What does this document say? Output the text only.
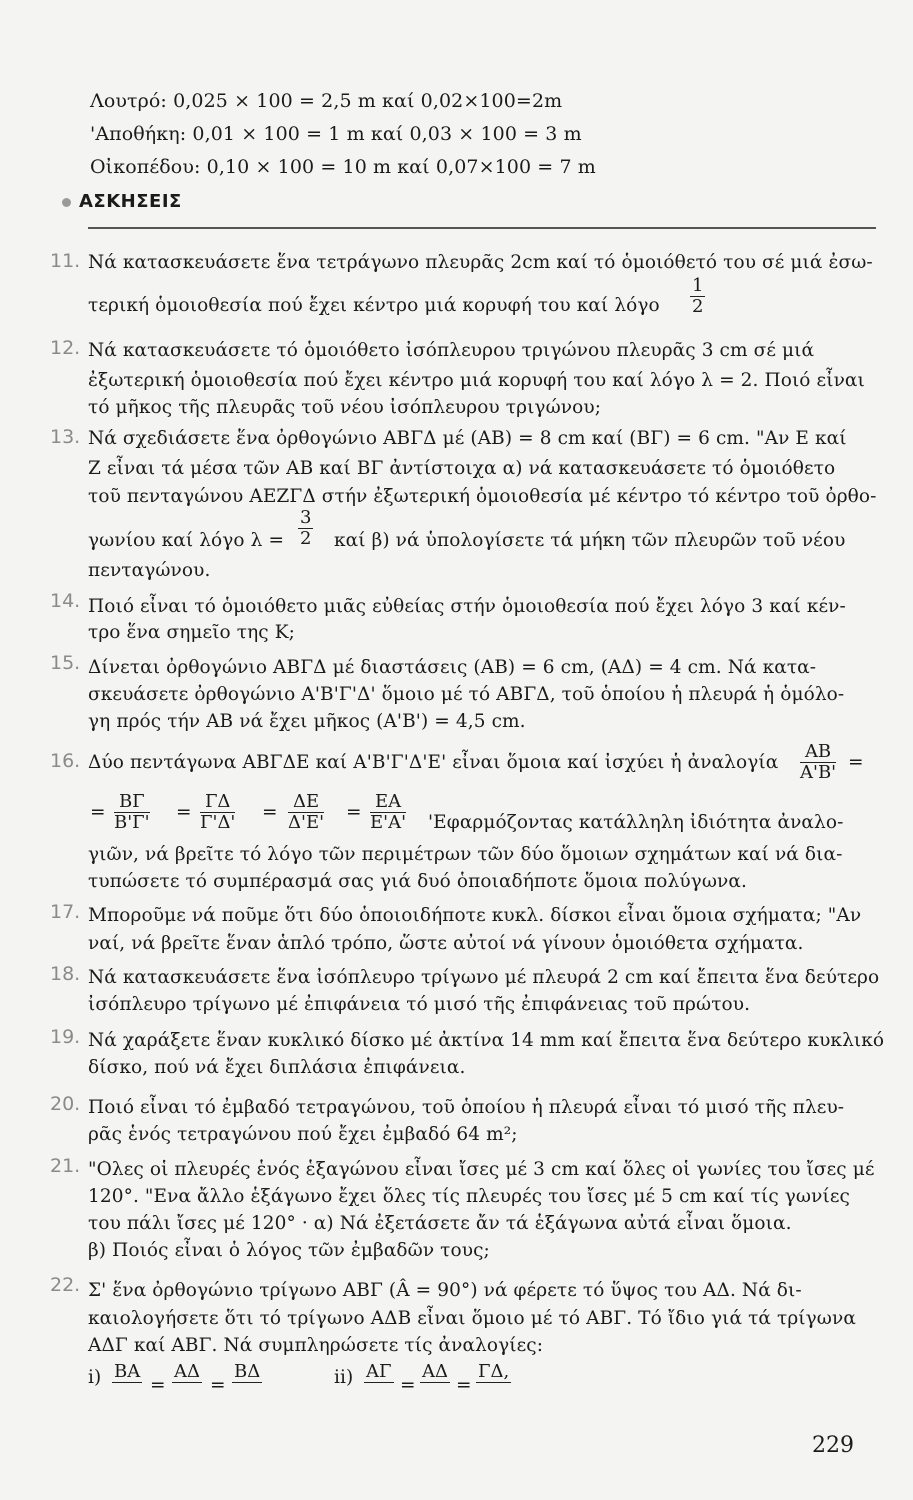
Λουτρό: 0,025 × 100 = 2,5 m καί 0,02×100=2m
'Αποθήκη: 0,01 × 100 = 1 m καί 0,03 × 100 = 3 m
Οἰκοπέδου: 0,10 × 100 = 10 m καί 0,07×100 = 7 m
ΑΣΚΗΣΕΙΣ
11. Νά κατασκευάσετε ἕνα τετράγωνο πλευρᾶς 2cm καί τό ὁμοιόθετό του σέ μιά ἐσω-
τερική ὁμοιοθεσία πού ἔχει κέντρο μιά κορυφή του καί λόγο $\frac{1}{2}$
12. Νά κατασκευάσετε τό ὁμοιόθετο ἰσόπλευρου τριγώνου πλευρᾶς 3 cm σέ μιά
ἐξωτερική ὁμοιοθεσία πού ἔχει κέντρο μιά κορυφή του καί λόγο λ = 2. Ποιό εἶναι
τό μῆκος τῆς πλευρᾶς τοῦ νέου ἰσόπλευρου τριγώνου;
13. Νά σχεδιάσετε ἕνα ὀρθογώνιο ΑΒΓΔ μέ (ΑΒ) = 8 cm καί (ΒΓ) = 6 cm. "Αν Ε καί
Ζ εἶναι τά μέσα τῶν ΑΒ καί ΒΓ ἀντίστοιχα α) νά κατασκευάσετε τό ὁμοιόθετο
τοῦ πενταγώνου ΑΕΖΓΔ στήν ἐξωτερική ὁμοιοθεσία μέ κέντρο τό κέντρο τοῦ ὀρθο-
γωνίου καί λόγο $\lambda = \frac{3}{2}$ καί β) νά ὑπολογίσετε τά μήκη τῶν πλευρῶν τοῦ νέου
πενταγώνου.
14. Ποιό εἶναι τό ὁμοιόθετο μιᾶς εὐθείας στήν ὁμοιοθεσία πού ἔχει λόγο 3 καί κέν-
τρο ἕνα σημεῖο της Κ;
15. Δίνεται ὀρθογώνιο ΑΒΓΔ μέ διαστάσεις (ΑΒ) = 6 cm, (ΑΔ) = 4 cm. Νά κατα-
σκευάσετε ὀρθογώνιο Α'Β'Γ'Δ' ὅμοιο μέ τό ΑΒΓΔ, τοῦ ὁποίου ἡ πλευρά ἡ ὁμόλο-
γη πρός τήν ΑΒ νά ἔχει μῆκος (Α'Β') = 4,5 cm.
16. Δύο πεντάγωνα ΑΒΓΔΕ καί Α'Β'Γ'Δ'Ε' εἶναι ὅμοια καί ἰσχύει ἡ ἀναλογία $\frac{AB}{A'B'}$ =
= $\frac{B\Gamma}{B'\Gamma'} = \frac{\Gamma\Delta}{\Gamma'\Delta'} = \frac{\Delta E}{\Delta'E'} = \frac{EA}{E'A'}$ 'Εφαρμόζοντας κατάλληλη ἰδιότητα ἀναλο-
γιῶν, νά βρεῖτε τό λόγο τῶν περιμέτρων τῶν δύο ὅμοιων σχημάτων καί νά δια-
τυπώσετε τό συμπέρασμά σας γιά δυό ὁποιαδήποτε ὅμοια πολύγωνα.
17. Μποροῦμε νά ποῦμε ὅτι δύο ὁποιοιδήποτε κυκλ. δίσκοι εἶναι ὅμοια σχήματα; "Αν
ναί, νά βρεῖτε ἕναν ἁπλό τρόπο, ὥστε αὐτοί νά γίνουν ὁμοιόθετα σχήματα.
18. Νά κατασκευάσετε ἕνα ἰσόπλευρο τρίγωνο μέ πλευρά 2 cm καί ἔπειτα ἕνα δεύτερο
ἰσόπλευρο τρίγωνο μέ ἐπιφάνεια τό μισό τῆς ἐπιφάνειας τοῦ πρώτου.
19. Νά χαράξετε ἕναν κυκλικό δίσκο μέ ἀκτίνα 14 mm καί ἔπειτα ἕνα δεύτερο κυκλικό
δίσκο, πού νά ἔχει διπλάσια ἐπιφάνεια.
20. Ποιό εἶναι τό ἐμβαδό τετραγώνου, τοῦ ὁποίου ἡ πλευρά εἶναι τό μισό τῆς πλευ-
ρᾶς ἑνός τετραγώνου πού ἔχει ἐμβαδό 64 m²;
21. "Ολες οἱ πλευρές ἑνός ἑξαγώνου εἶναι ἴσες μέ 3 cm καί ὅλες οἱ γωνίες του ἴσες μέ
120°. "Ενα ἄλλο ἑξάγωνο ἔχει ὅλες τίς πλευρές του ἴσες μέ 5 cm καί τίς γωνίες
του πάλι ἴσες μέ 120° · α) Νά ἐξετάσετε ἄν τά ἑξάγωνα αὐτά εἶναι ὅμοια.
β) Ποιός εἶναι ὁ λόγος τῶν ἐμβαδῶν τους;
22. Σ' ἕνα ὀρθογώνιο τρίγωνο ΑΒΓ (Â = 90°) νά φέρετε τό ὕψος του ΑΔ. Νά δι-
καιολογήσετε ὅτι τό τρίγωνο ΑΔΒ εἶναι ὅμοιο μέ τό ΑΒΓ. Τό ἴδιο γιά τά τρίγωνα
ΑΔΓ καί ΑΒΓ. Νά συμπληρώσετε τίς ἀναλογίες:
i) ΒΑ

=
ΑΔ

=
ΒΔ
	ii) ΑΓ

=
ΑΔ

=
ΓΔ,

229
